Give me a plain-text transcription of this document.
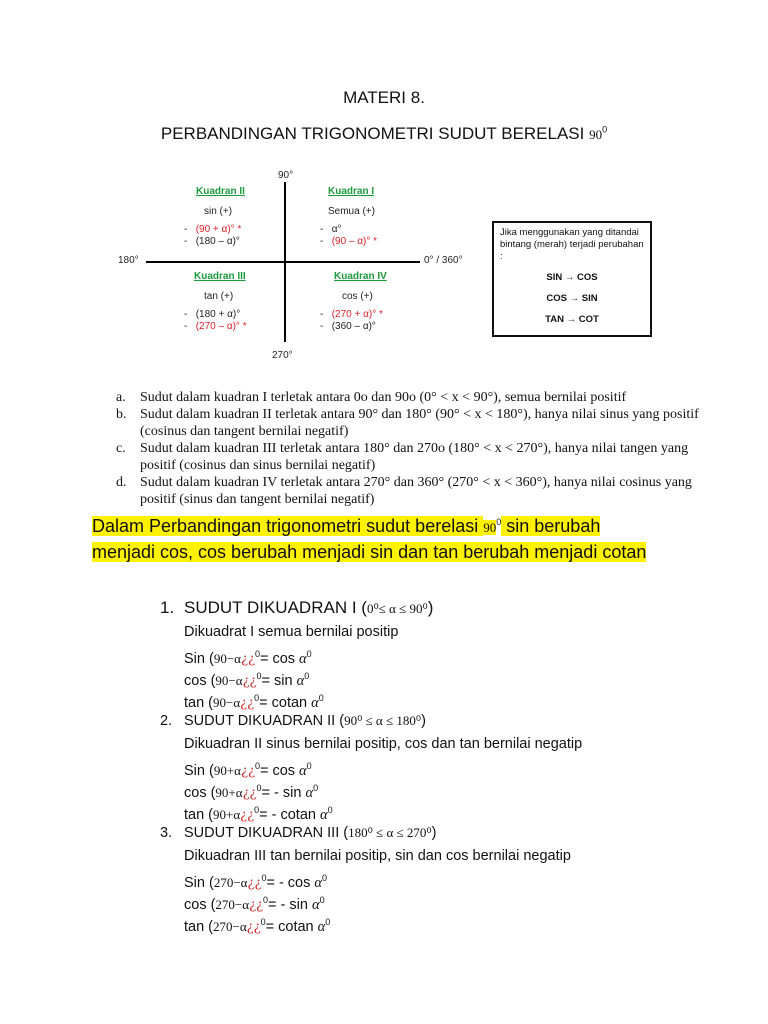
MATERI 8.
PERBANDINGAN TRIGONOMETRI SUDUT BERELASI $90^0$
90°
180°	0° / 360°
270°
Kuadran II
sin (+)
- (90 + α)° *
- (180 – α)°
Kuadran I
Semua (+)
- α°
- (90 – α)° *
Kuadran III
tan (+)
- (180 + α)°
- (270 – α)° *
Kuadran IV
cos (+)
- (270 + α)° *
- (360 – α)°
Jika menggunakan yang ditandai bintang (merah) terjadi perubahan :
SIN → COS
COS → SIN
TAN → COT
a. Sudut dalam kuadran I terletak antara 0o dan 90o (0° < x < 90°), semua bernilai positif
b. Sudut dalam kuadran II terletak antara 90° dan 180° (90° < x < 180°), hanya nilai sinus yang positif (cosinus dan tangent bernilai negatif)
c. Sudut dalam kuadran III terletak antara 180° dan 270o (180° < x < 270°), hanya nilai tangen yang positif (cosinus dan sinus bernilai negatif)
d. Sudut dalam kuadran IV terletak antara 270° dan 360° (270° < x < 360°), hanya nilai cosinus yang positif (sinus dan tangent bernilai negatif)
Dalam Perbandingan trigonometri sudut berelasi $90^0$ sin berubah menjadi cos, cos berubah menjadi sin dan tan berubah menjadi cotan
1. SUDUT DIKUADRAN I (0⁰≤ α ≤ 90⁰)
Dikuadrat I semua bernilai positip
Sin (90−α¿¿$^0$= $\cos \alpha^0$
cos (90−α¿¿$^0$= $\sin \alpha^0$
tan (90−α¿¿$^0$= cotan $\alpha^0$
2. SUDUT DIKUADRAN II (90⁰ ≤ α ≤ 180⁰)
Dikuadran II sinus bernilai positip, cos dan tan bernilai negatip
Sin (90+α¿¿$^0$= $\cos \alpha^0$
cos (90+α¿¿$^0$= - $\sin \alpha^0$
tan (90+α¿¿$^0$= - cotan $\alpha^0$
3. SUDUT DIKUADRAN III (180⁰ ≤ α ≤ 270⁰)
Dikuadran III tan bernilai positip, sin dan cos bernilai negatip
Sin (270−α¿¿$^0$= - $\cos \alpha^0$
cos (270−α¿¿$^0$= - $\sin \alpha^0$
tan (270−α¿¿$^0$= cotan $\alpha^0$
